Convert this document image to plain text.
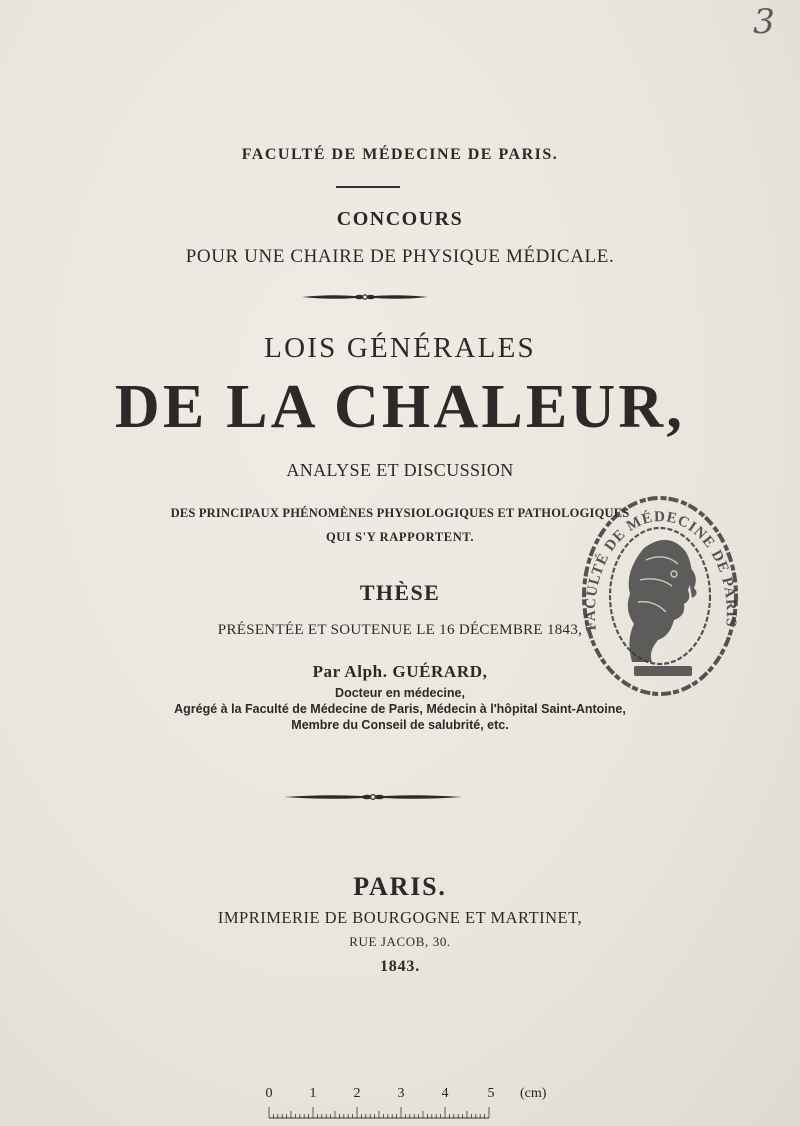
3
FACULTÉ DE MÉDECINE DE PARIS.
CONCOURS
POUR UNE CHAIRE DE PHYSIQUE MÉDICALE.
LOIS GÉNÉRALES
DE LA CHALEUR,
ANALYSE ET DISCUSSION
DES PRINCIPAUX PHÉNOMÈNES PHYSIOLOGIQUES ET PATHOLOGIQUES
QUI S'Y RAPPORTENT.
THÈSE
PRÉSENTÉE ET SOUTENUE LE 16 DÉCEMBRE 1843,
Par Alph. GUÉRARD,
Docteur en médecine,
Agrégé à la Faculté de Médecine de Paris, Médecin à l'hôpital Saint-Antoine,
Membre du Conseil de salubrité, etc.
PARIS.
IMPRIMERIE DE BOURGOGNE ET MARTINET,
RUE JACOB, 30.
1843.
FACULTÉ DE MÉDECINE DE PARIS
0	1	2	3	4	5 (cm)
